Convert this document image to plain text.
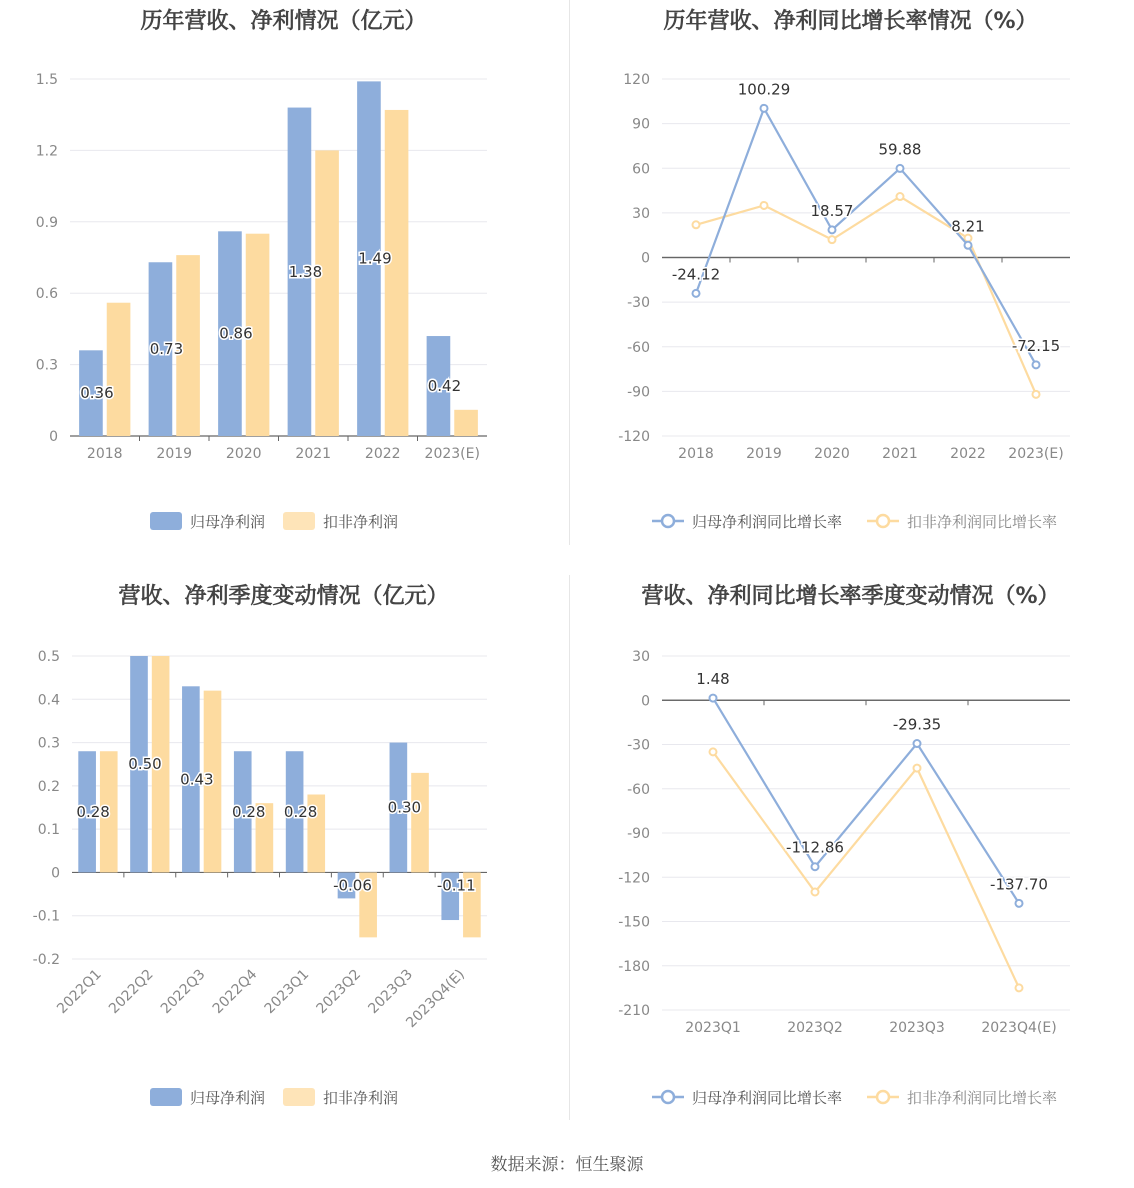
历年营收、净利情况（亿元）
0
0.3
0.6
0.9
1.2
1.5
2018 2019 2020 2021 2022 2023(E)
0.36
0.73
0.86
1.38
1.49
0.42
归母净利润	扣非净利润
历年营收、净利同比增长率情况（%）
-120
-90
-60
-30
0
30
60
90
120
2018 2019 2020 2021 2022 2023(E)
-24.12
100.29
18.57
59.88
8.21
-72.15
归母净利润同比增长率	扣非净利润同比增长率
营收、净利季度变动情况（亿元）
-0.2
-0.1
0
0.1
0.2
0.3
0.4
0.5
2022Q1 2022Q2 2022Q3 2022Q4 2023Q1 2023Q2 2023Q3
2023Q4(E)
0.28
0.50
0.43
0.28 0.28
-0.06
0.30
-0.11
归母净利润	扣非净利润
营收、净利同比增长率季度变动情况（%）
-210
-180
-150
-120
-90
-60
-30
0
30
2023Q1	2023Q2	2023Q3	2023Q4(E)
1.48
-112.86
-29.35
-137.70
归母净利润同比增长率	扣非净利润同比增长率
数据来源：恒生聚源
